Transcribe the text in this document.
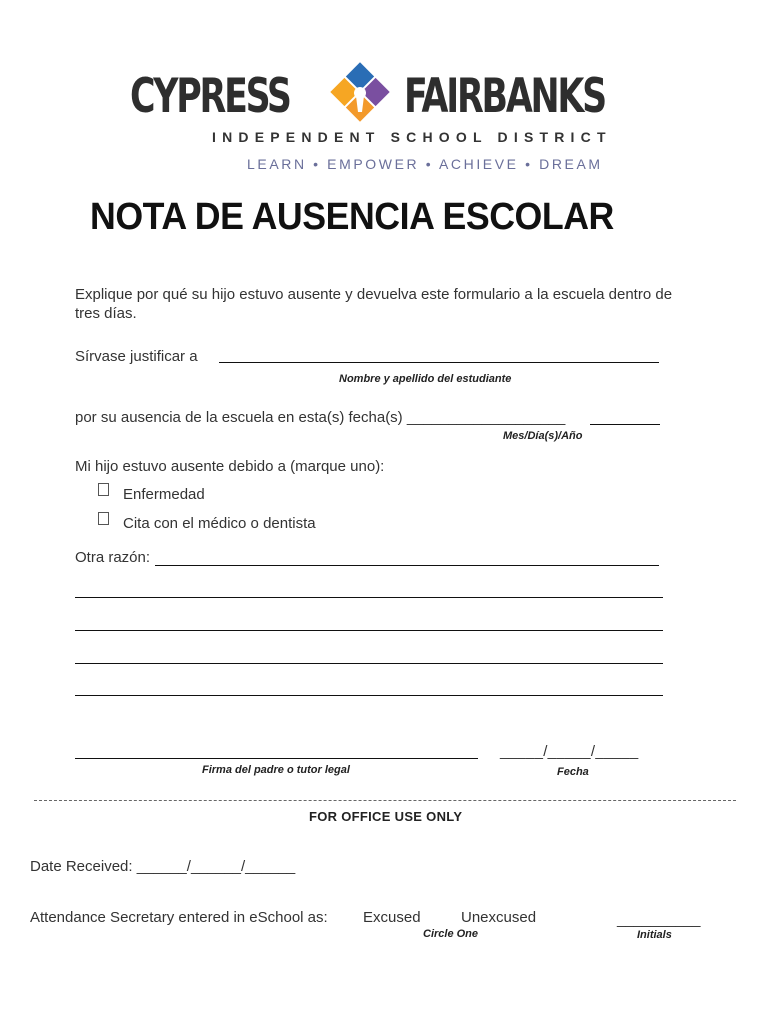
CYPRESS FAIRBANKS
INDEPENDENT SCHOOL DISTRICT
LEARN • EMPOWER • ACHIEVE • DREAM
NOTA DE AUSENCIA ESCOLAR
Explique por qué su hijo estuvo ausente y devuelva este formulario a la escuela dentro de tres días.
Sírvase justificar a
Nombre y apellido del estudiante
por su ausencia de la escuela en esta(s) fecha(s) ___________________
Mes/Día(s)/Año
Mi hijo estuvo ausente debido a (marque uno):
Enfermedad
Cita con el médico o dentista
Otra razón:
Firma del padre o tutor legal
_____/_____/_____
Fecha
FOR OFFICE USE ONLY
Date Received: ______/______/______
Attendance Secretary entered in eSchool as: Excused	Unexcused
Circle One
__________
Initials
